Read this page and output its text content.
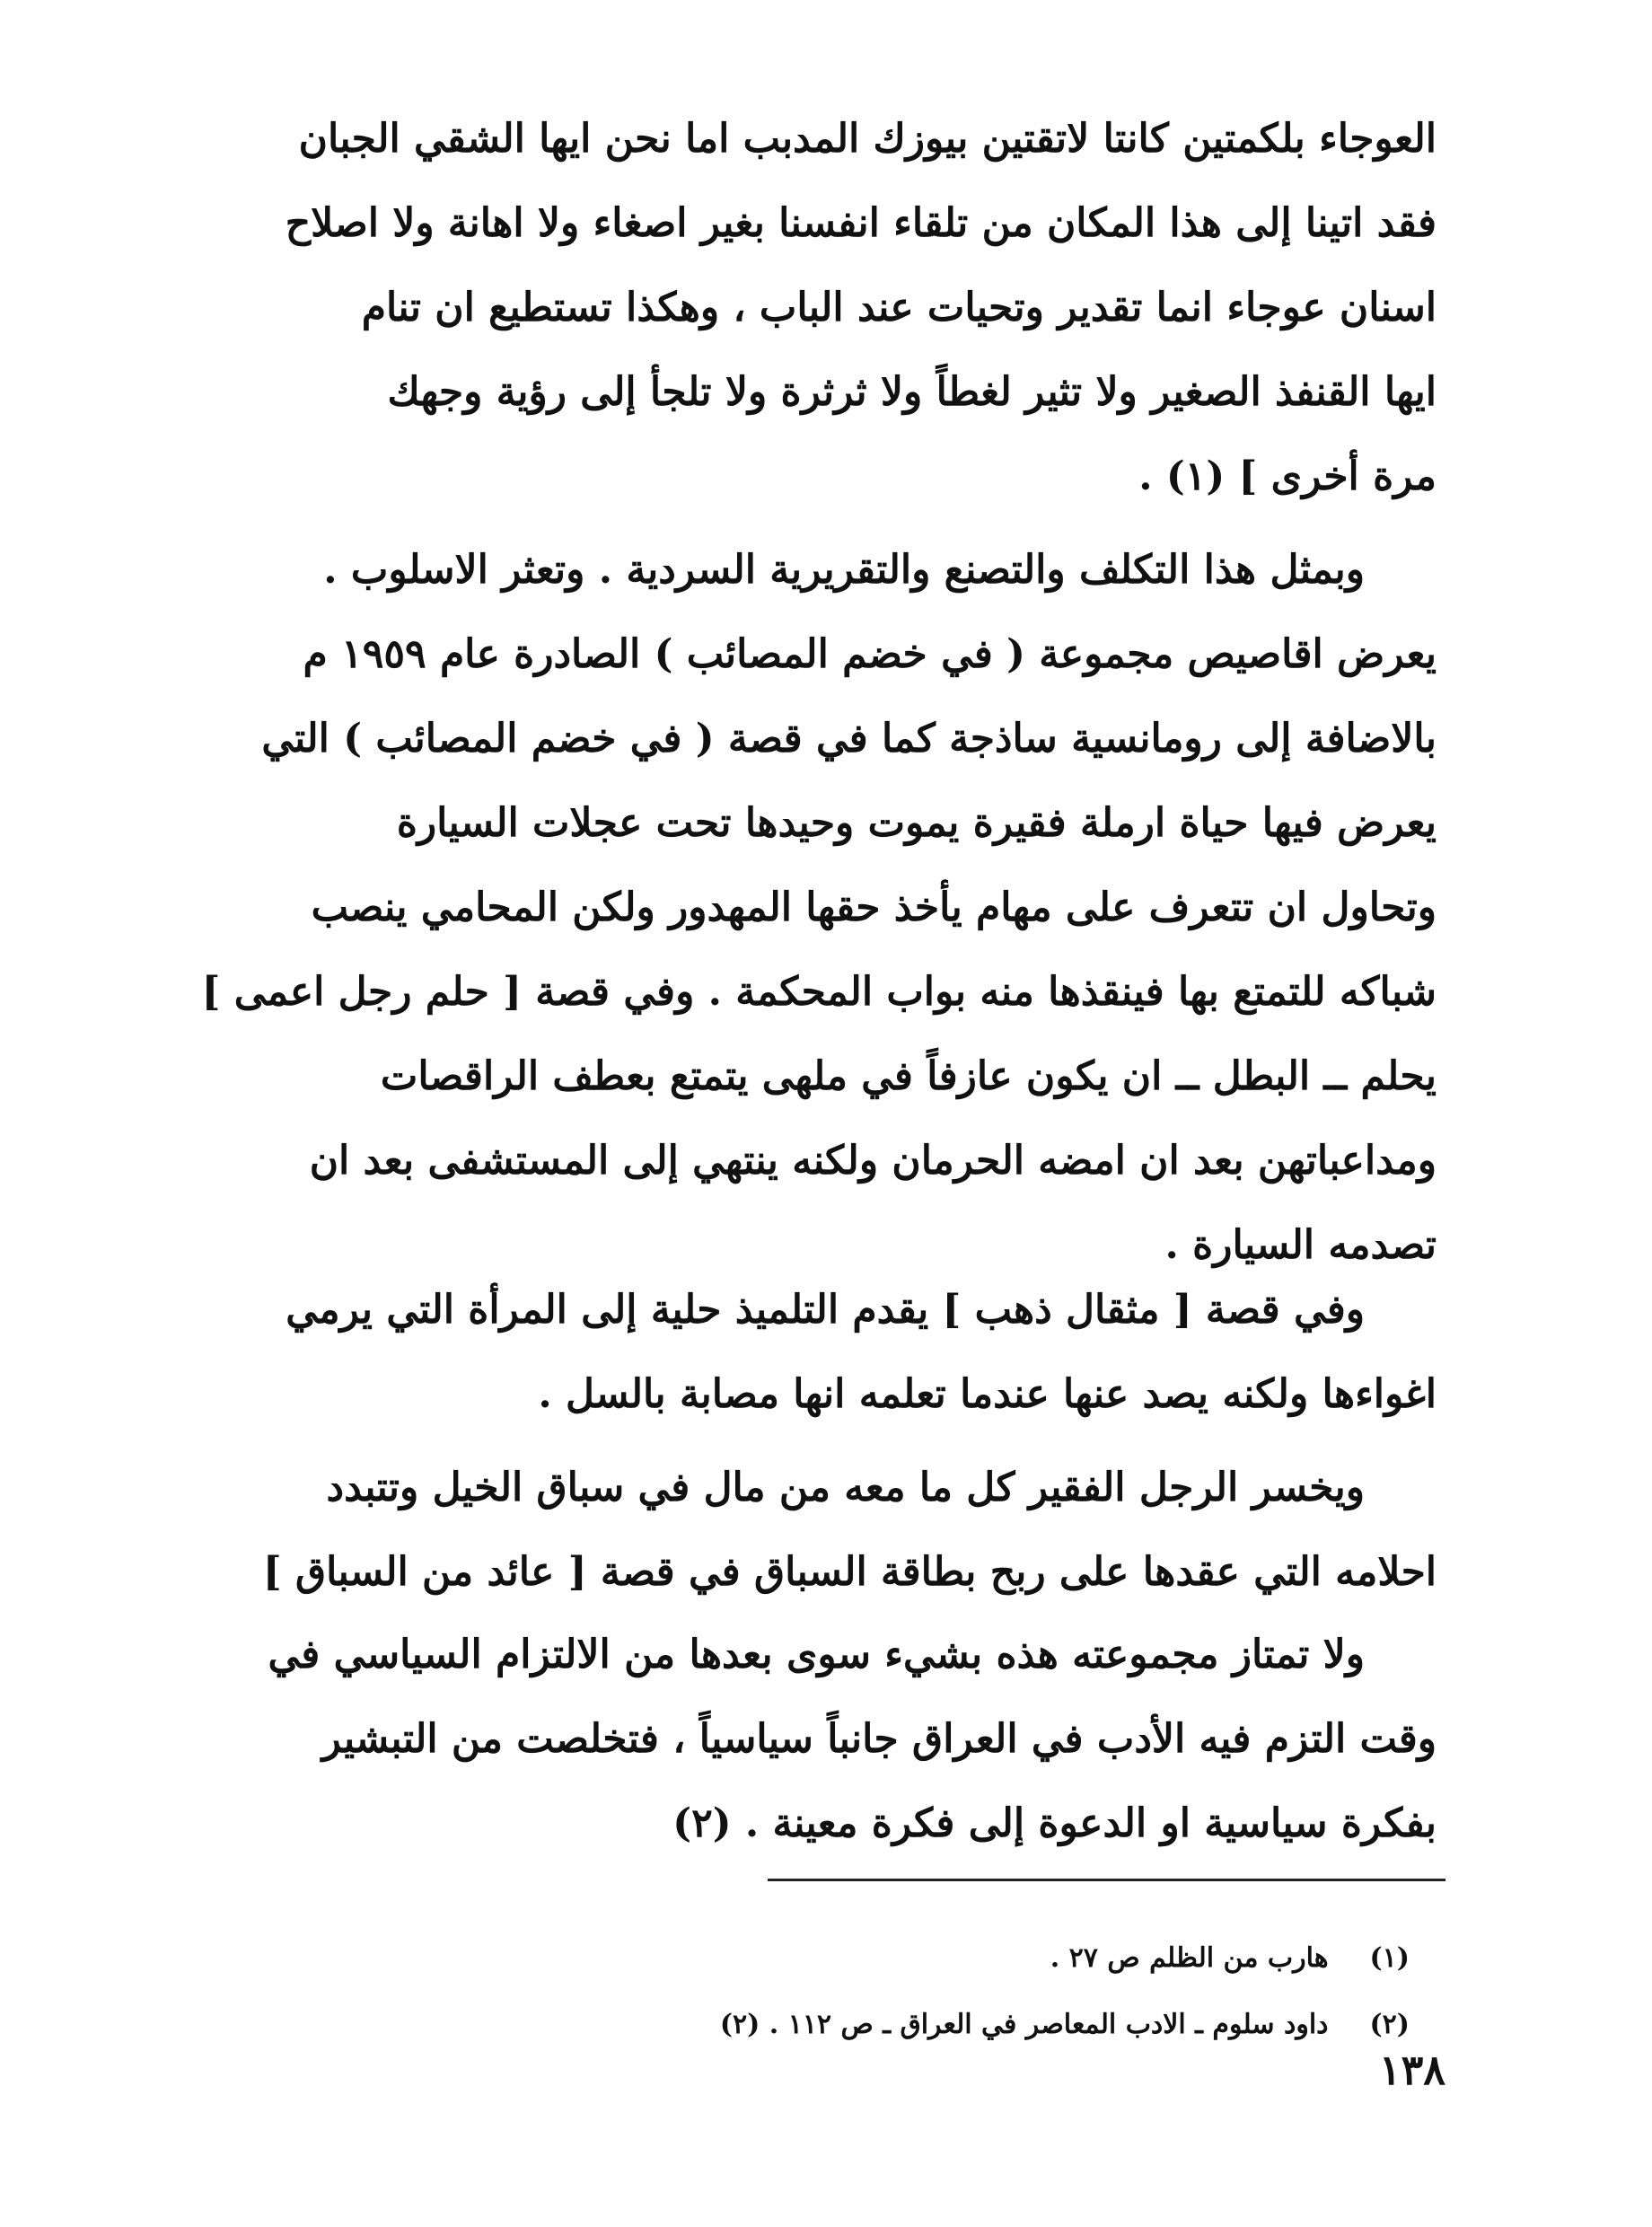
العوجاء بلكمتين كانتا لاتقتين بيوزك المدبب اما نحن ايها الشقي الجبان
فقد اتينا إلى هذا المكان من تلقاء انفسنا بغير اصغاء ولا اهانة ولا اصلاح
اسنان عوجاء انما تقدير وتحيات عند الباب ، وهكذا تستطيع ان تنام
ايها القنفذ الصغير ولا تثير لغطاً ولا ثرثرة ولا تلجأ إلى رؤية وجهك
مرة أخرى ] (١) .
وبمثل هذا التكلف والتصنع والتقريرية السردية . وتعثر الاسلوب .
يعرض اقاصيص مجموعة ( في خضم المصائب ) الصادرة عام ١٩٥٩ م
بالاضافة إلى رومانسية ساذجة كما في قصة ( في خضم المصائب ) التي
يعرض فيها حياة ارملة فقيرة يموت وحيدها تحت عجلات السيارة
وتحاول ان تتعرف على مهام يأخذ حقها المهدور ولكن المحامي ينصب
شباكه للتمتع بها فينقذها منه بواب المحكمة . وفي قصة [ حلم رجل اعمى ]
يحلم ــ البطل ــ ان يكون عازفاً في ملهى يتمتع بعطف الراقصات
ومداعباتهن بعد ان امضه الحرمان ولكنه ينتهي إلى المستشفى بعد ان
تصدمه السيارة .
وفي قصة [ مثقال ذهب ] يقدم التلميذ حلية إلى المرأة التي يرمي
اغواءها ولكنه يصد عنها عندما تعلمه انها مصابة بالسل .
ويخسر الرجل الفقير كل ما معه من مال في سباق الخيل وتتبدد
احلامه التي عقدها على ربح بطاقة السباق في قصة [ عائد من السباق ]
ولا تمتاز مجموعته هذه بشيء سوى بعدها من الالتزام السياسي في
وقت التزم فيه الأدب في العراق جانباً سياسياً ، فتخلصت من التبشير
بفكرة سياسية او الدعوة إلى فكرة معينة . (٢)
(١) هارب من الظلم ص ٢٧ .
(٢) داود سلوم ـ الادب المعاصر في العراق ـ ص ١١٢ . (٢)
١٣٨
